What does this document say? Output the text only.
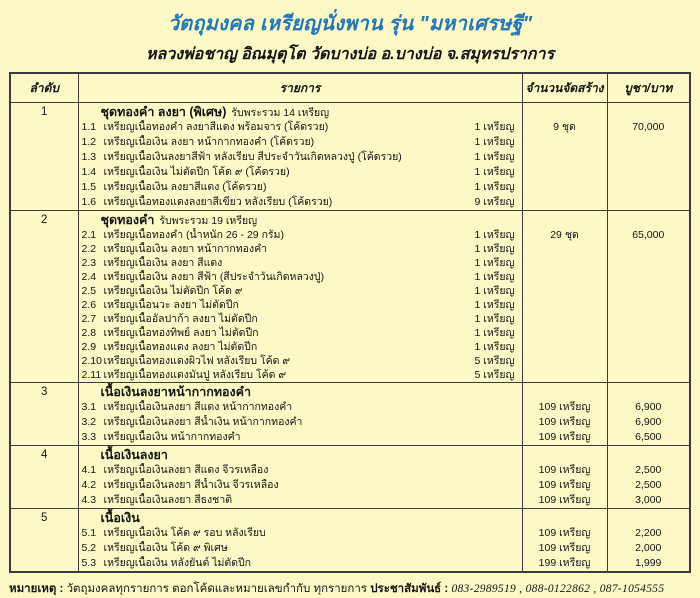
วัตถุมงคล เหรียญนั่งพาน รุ่น "มหาเศรษฐี"
หลวงพ่อชาญ อิณมุตุโต วัดบางบ่อ อ.บางบ่อ จ.สมุทรปราการ
ลำดับ	รายการ	จำนวนจัดสร้าง	บูชา/บาท
1	ชุดทองคำ ลงยา (พิเศษ) รับพระรวม 14 เหรียญ		

	1.1 เหรียญเนื้อทองคำ ลงยาสีแดง พร้อมจาร (โค้ดรวย) 1 เหรียญ	9 ชุด	70,000

	1.2 เหรียญเนื้อเงิน ลงยา หน้ากากทองคำ (โค้ดรวย) 1 เหรียญ		

	1.3 เหรียญเนื้อเงินลงยาสีฟ้า หลังเรียบ สีประจำวันเกิดหลวงปู่ (โค้ดรวย) 1 เหรียญ		

	1.4 เหรียญเนื้อเงิน ไม่ตัดปีก โค้ด ๙ (โค้ดรวย) 1 เหรียญ		

	1.5 เหรียญเนื้อเงิน ลงยาสีแดง (โค้ดรวย) 1 เหรียญ		

	1.6 เหรียญเนื้อทองแดงลงยาสีเขียว หลังเรียบ (โค้ดรวย) 9 เหรียญ		

2	ชุดทองคำ รับพระรวม 19 เหรียญ		

	2.1 เหรียญเนื้อทองคำ (น้ำหนัก 26 - 29 กรัม) 1 เหรียญ	29 ชุด	65,000

	2.2 เหรียญเนื้อเงิน ลงยา หน้ากากทองคำ 1 เหรียญ		

	2.3 เหรียญเนื้อเงิน ลงยา สีแดง 1 เหรียญ		

	2.4 เหรียญเนื้อเงิน ลงยา สีฟ้า (สีประจำวันเกิดหลวงปู่) 1 เหรียญ		

	2.5 เหรียญเนื้อเงิน ไม่ตัดปีก โค้ด ๙ 1 เหรียญ		

	2.6 เหรียญเนื้อนวะ ลงยา ไม่ตัดปีก 1 เหรียญ		

	2.7 เหรียญเนื้ออัลปาก้า ลงยา ไม่ตัดปีก 1 เหรียญ		

	2.8 เหรียญเนื้อทองทิพย์ ลงยา ไม่ตัดปีก 1 เหรียญ		

	2.9 เหรียญเนื้อทองแดง ลงยา ไม่ตัดปีก 1 เหรียญ		

	2.10 เหรียญเนื้อทองแดงผิวไฟ หลังเรียบ โค้ด ๙ 5 เหรียญ		

	2.11 เหรียญเนื้อทองแดงมันปู หลังเรียบ โค้ด ๙ 5 เหรียญ		

3	เนื้อเงินลงยาหน้ากากทองคำ		

	3.1 เหรียญเนื้อเงินลงยา สีแดง หน้ากากทองคำ	109 เหรียญ	6,900

	3.2 เหรียญเนื้อเงินลงยา สีน้ำเงิน หน้ากากทองคำ	109 เหรียญ	6,900

	3.3 เหรียญเนื้อเงิน หน้ากากทองคำ	109 เหรียญ	6,500

4	เนื้อเงินลงยา		

	4.1 เหรียญเนื้อเงินลงยา สีแดง จีวรเหลือง	109 เหรียญ	2,500

	4.2 เหรียญเนื้อเงินลงยา สีน้ำเงิน จีวรเหลือง	109 เหรียญ	2,500

	4.3 เหรียญเนื้อเงินลงยา สีธงชาติ	109 เหรียญ	3,000

5	เนื้อเงิน		

	5.1 เหรียญเนื้อเงิน โค้ด ๙ รอบ หลังเรียบ	109 เหรียญ	2,200

	5.2 เหรียญเนื้อเงิน โค้ด ๙ พิเศษ	109 เหรียญ	2,000

	5.3 เหรียญเนื้อเงิน หลังยันต์ ไม่ตัดปีก	199 เหรียญ	1,999
หมายเหตุ : วัตถุมงคลทุกรายการ ตอกโค้ดและหมายเลขกำกับ ทุกรายการ ประชาสัมพันธ์ : 083-2989519 , 088-0122862 , 087-1054555
